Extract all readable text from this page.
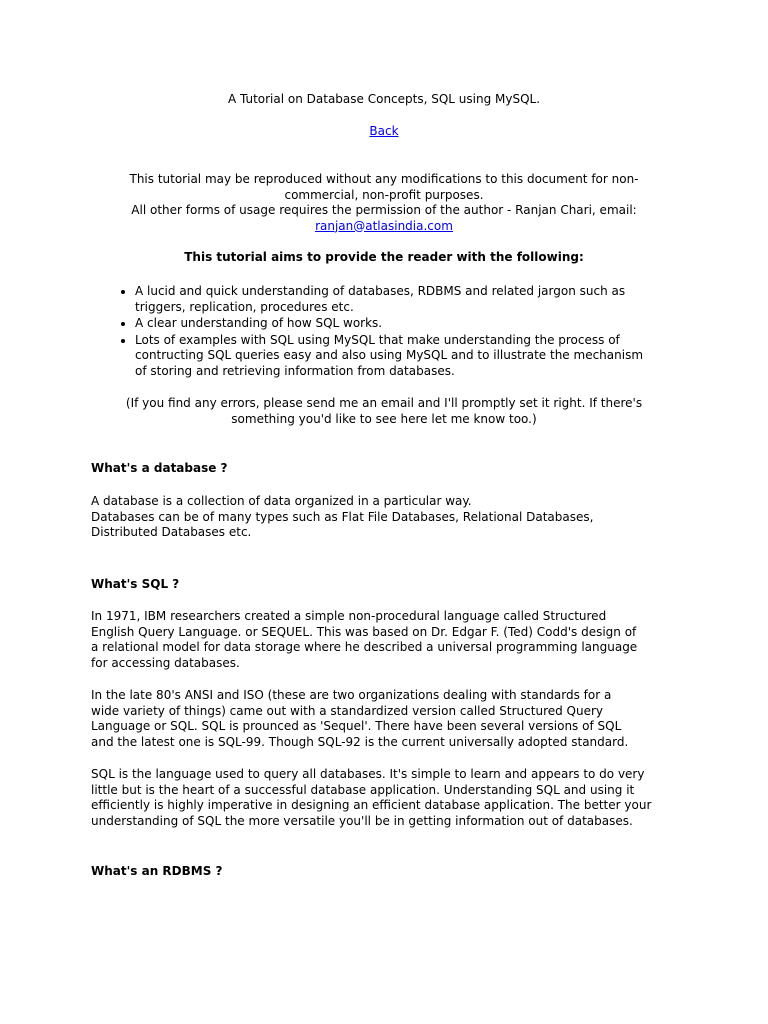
A Tutorial on Database Concepts, SQL using MySQL.
Back
This tutorial may be reproduced without any modifications to this document for non-
commercial, non-profit purposes.
All other forms of usage requires the permission of the author - Ranjan Chari, email:
ranjan@atlasindia.com
This tutorial aims to provide the reader with the following:
• A lucid and quick understanding of databases, RDBMS and related jargon such as
triggers, replication, procedures etc.
• A clear understanding of how SQL works.
• Lots of examples with SQL using MySQL that make understanding the process of
contructing SQL queries easy and also using MySQL and to illustrate the mechanism
of storing and retrieving information from databases.
(If you find any errors, please send me an email and I'll promptly set it right. If there's
something you'd like to see here let me know too.)
What's a database ?

A database is a collection of data organized in a particular way.
Databases can be of many types such as Flat File Databases, Relational Databases,
Distributed Databases etc.

What's SQL ?

In 1971, IBM researchers created a simple non-procedural language called Structured
English Query Language. or SEQUEL. This was based on Dr. Edgar F. (Ted) Codd's design of
a relational model for data storage where he described a universal programming language
for accessing databases.

In the late 80's ANSI and ISO (these are two organizations dealing with standards for a
wide variety of things) came out with a standardized version called Structured Query
Language or SQL. SQL is prounced as 'Sequel'. There have been several versions of SQL
and the latest one is SQL-99. Though SQL-92 is the current universally adopted standard.

SQL is the language used to query all databases. It's simple to learn and appears to do very
little but is the heart of a successful database application. Understanding SQL and using it
efficiently is highly imperative in designing an efficient database application. The better your
understanding of SQL the more versatile you'll be in getting information out of databases.

What's an RDBMS ?
